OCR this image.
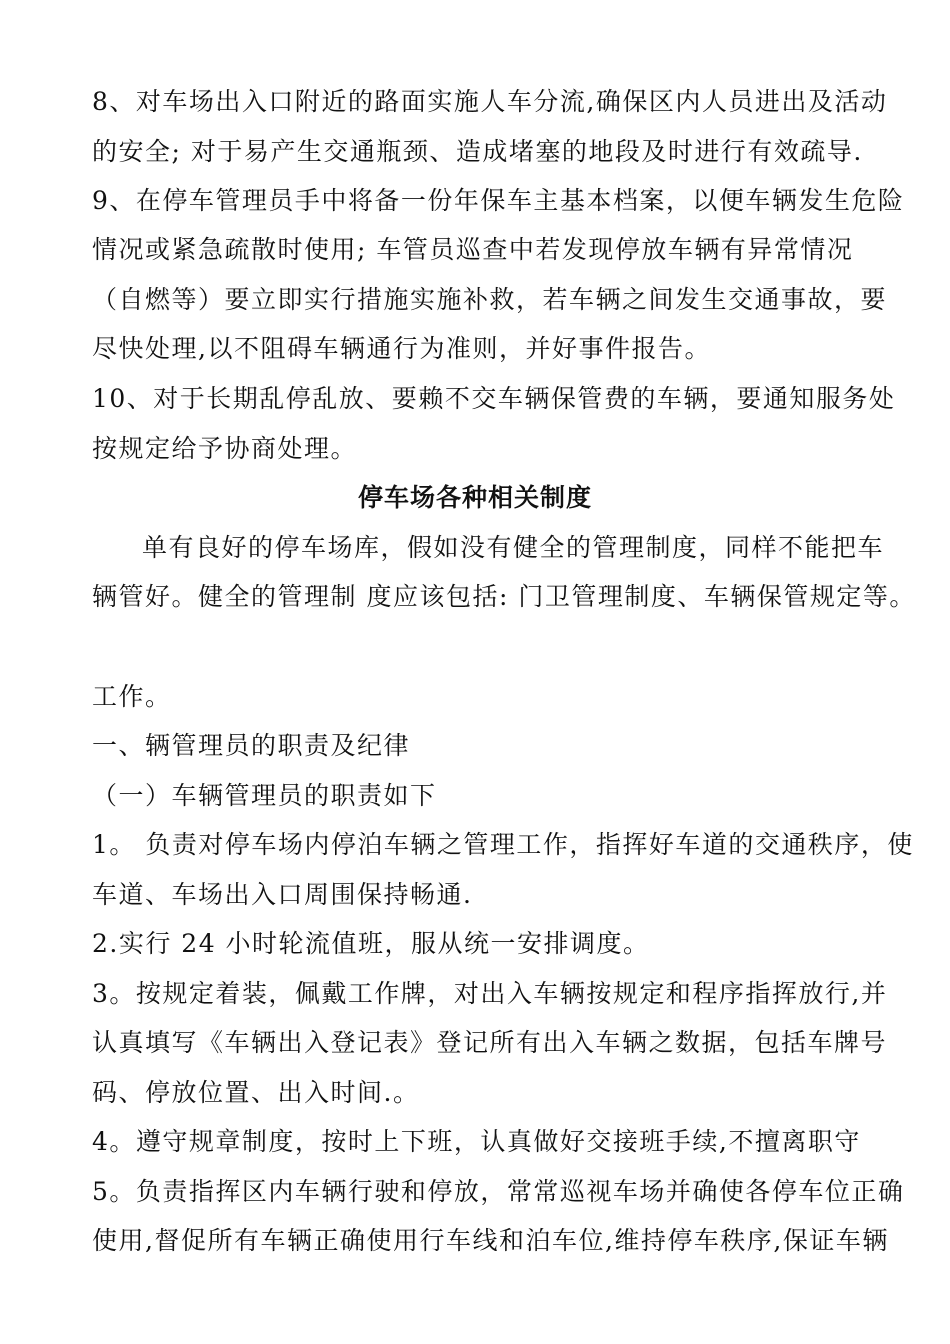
8、对车场出入口附近的路面实施人车分流,确保区内人员进出及活动
的安全; 对于易产生交通瓶颈、造成堵塞的地段及时进行有效疏导.
9、在停车管理员手中将备一份年保车主基本档案，以便车辆发生危险
情况或紧急疏散时使用; 车管员巡查中若发现停放车辆有异常情况
（自燃等）要立即实行措施实施补救，若车辆之间发生交通事故，要
尽快处理,以不阻碍车辆通行为准则，并好事件报告。
10、对于长期乱停乱放、要赖不交车辆保管费的车辆，要通知服务处
按规定给予协商处理。
停车场各种相关制度
单有良好的停车场库，假如没有健全的管理制度，同样不能把车
辆管好。健全的管理制 度应该包括: 门卫管理制度、车辆保管规定等。
工作。
一、辆管理员的职责及纪律
（一）车辆管理员的职责如下
1。 负责对停车场内停泊车辆之管理工作，指挥好车道的交通秩序，使
车道、车场出入口周围保持畅通.
2.实行 24 小时轮流值班，服从统一安排调度。
3。按规定着装，佩戴工作牌，对出入车辆按规定和程序指挥放行,并
认真填写《车辆出入登记表》登记所有出入车辆之数据，包括车牌号
码、停放位置、出入时间.。
4。遵守规章制度，按时上下班，认真做好交接班手续,不擅离职守
5。负责指挥区内车辆行驶和停放，常常巡视车场并确使各停车位正确
使用,督促所有车辆正确使用行车线和泊车位,维持停车秩序,保证车辆
